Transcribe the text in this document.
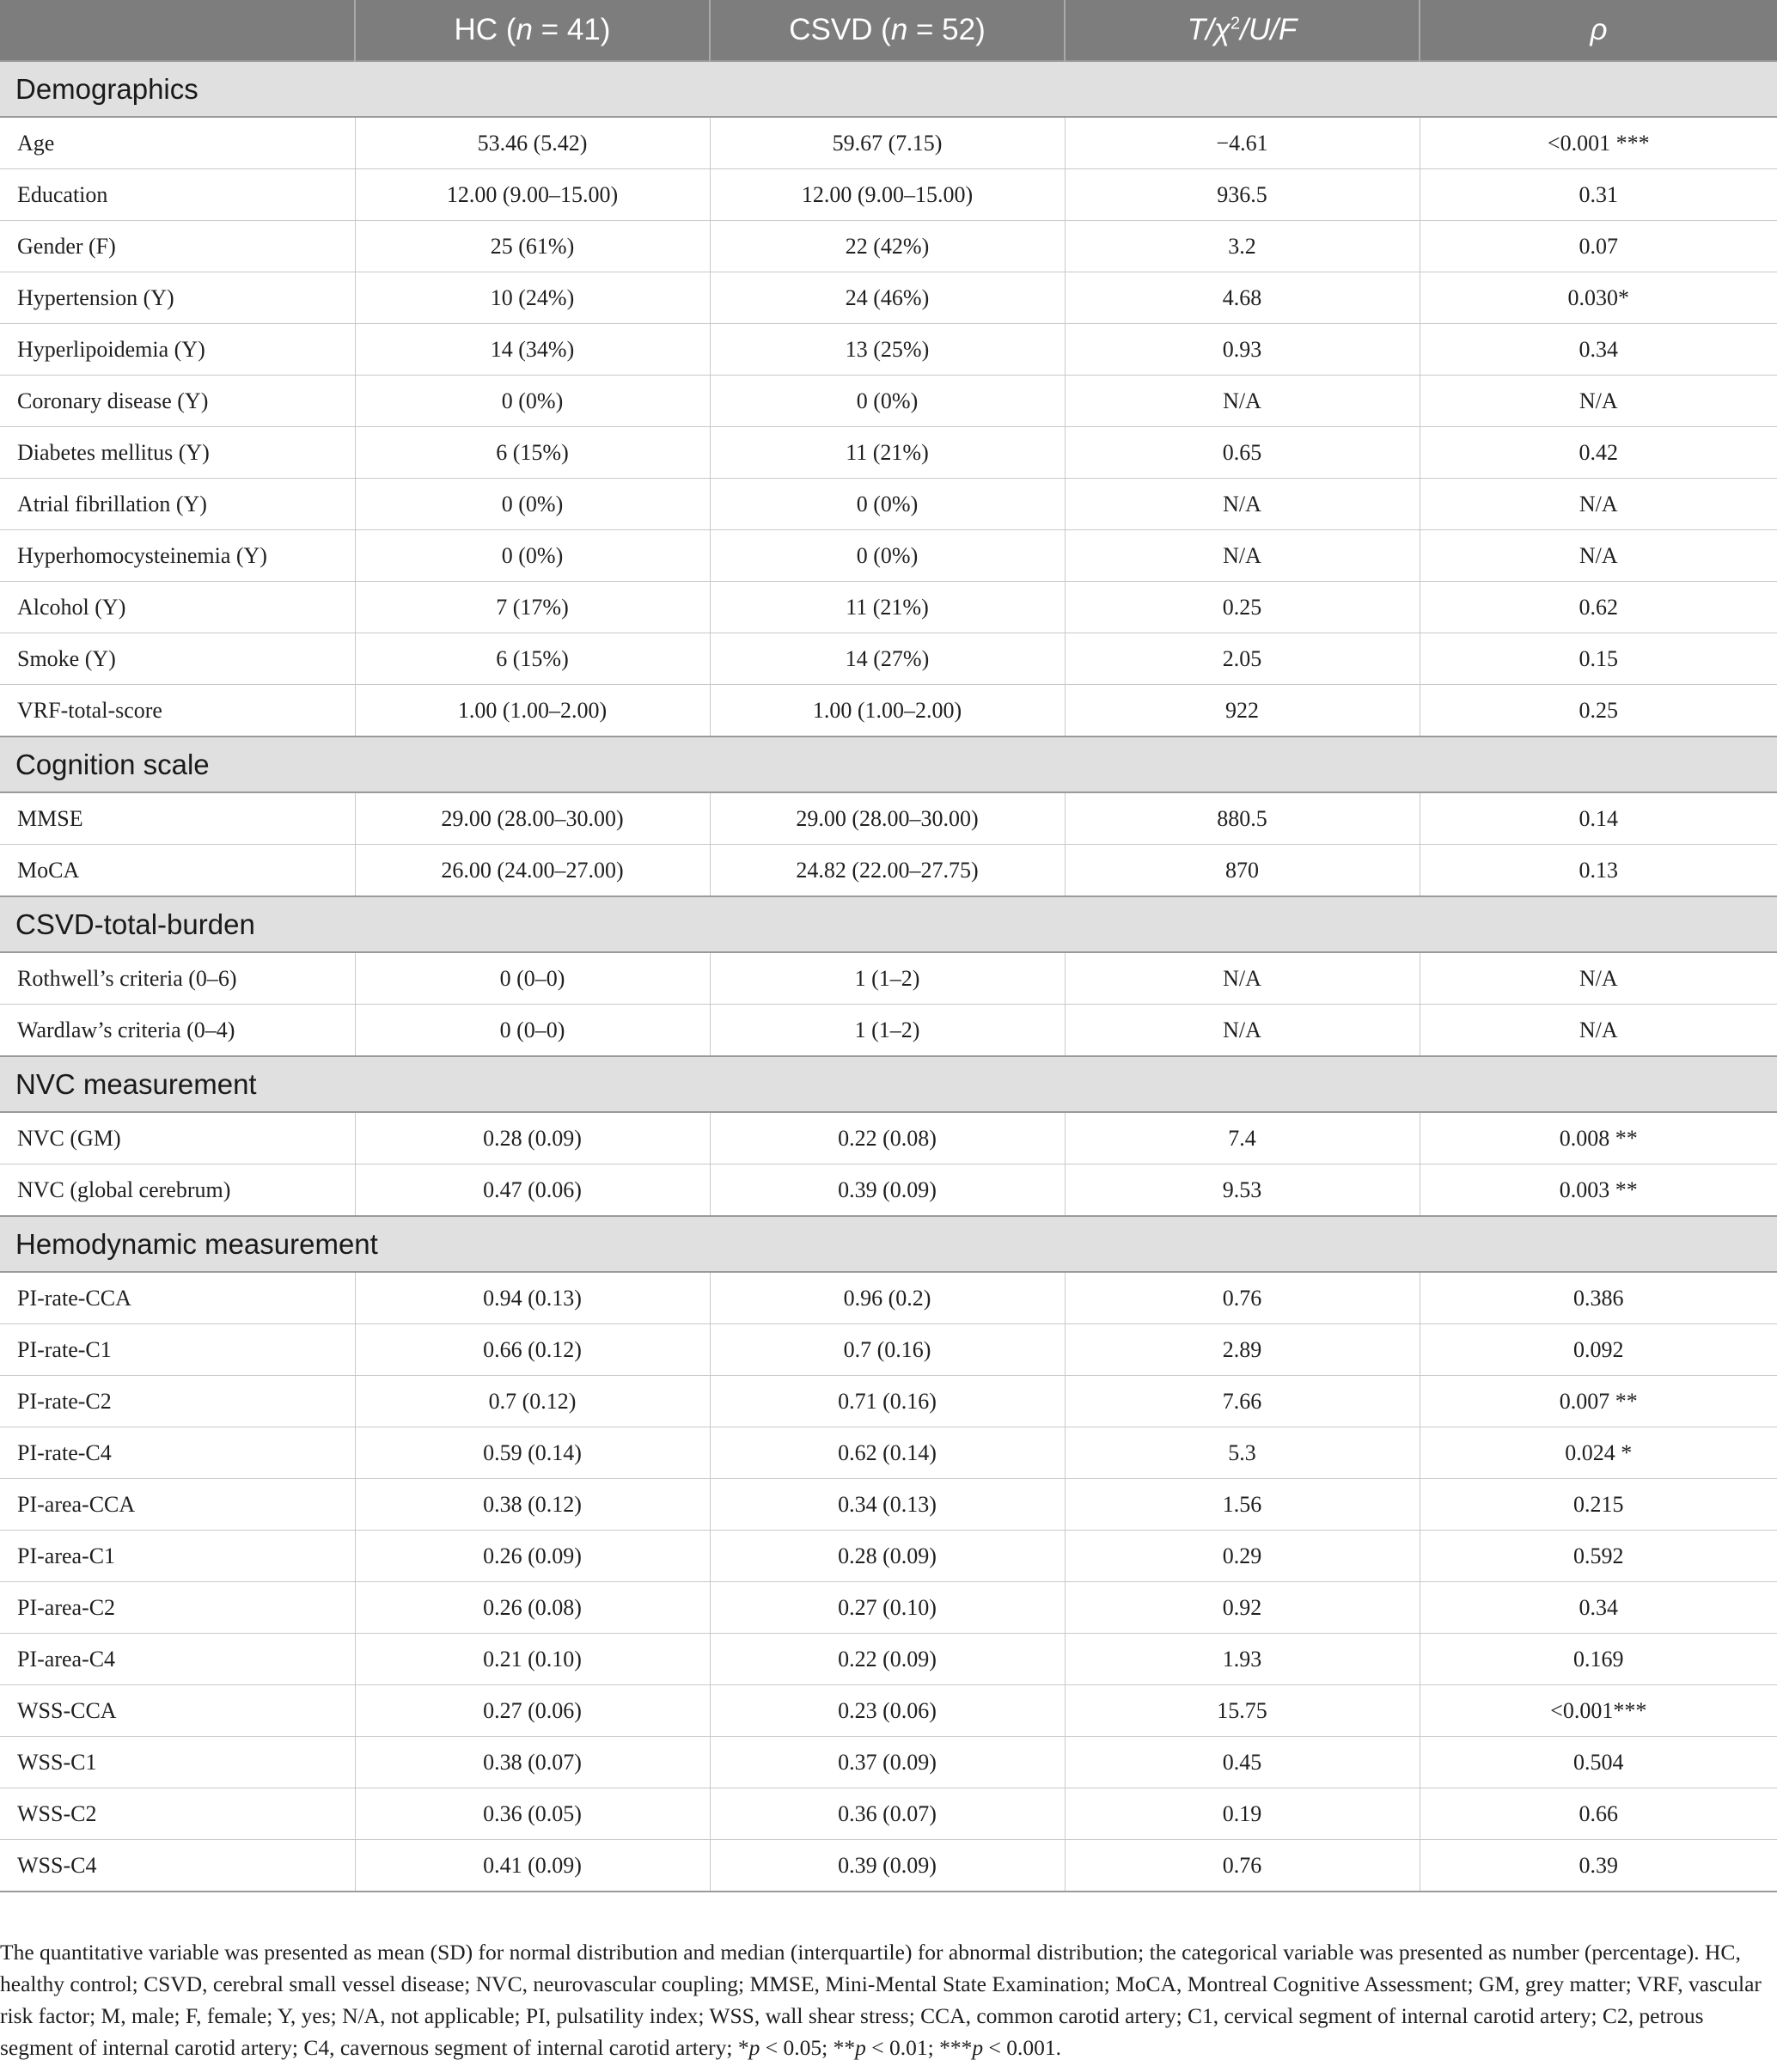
	HC (n = 41)	CSVD (n = 52)	$T/\chi^2/U/F$	ρ
Demographics				
Age	53.46 (5.42)	59.67 (7.15)	−4.61	<0.001 ***
Education	12.00 (9.00–15.00)	12.00 (9.00–15.00)	936.5	0.31
Gender (F)	25 (61%)	22 (42%)	3.2	0.07
Hypertension (Y)	10 (24%)	24 (46%)	4.68	0.030*
Hyperlipoidemia (Y)	14 (34%)	13 (25%)	0.93	0.34
Coronary disease (Y)	0 (0%)	0 (0%)	N/A	N/A
Diabetes mellitus (Y)	6 (15%)	11 (21%)	0.65	0.42
Atrial fibrillation (Y)	0 (0%)	0 (0%)	N/A	N/A
Hyperhomocysteinemia (Y)	0 (0%)	0 (0%)	N/A	N/A
Alcohol (Y)	7 (17%)	11 (21%)	0.25	0.62
Smoke (Y)	6 (15%)	14 (27%)	2.05	0.15
VRF-total-score	1.00 (1.00–2.00)	1.00 (1.00–2.00)	922	0.25
Cognition scale				
MMSE	29.00 (28.00–30.00)	29.00 (28.00–30.00)	880.5	0.14
MoCA	26.00 (24.00–27.00)	24.82 (22.00–27.75)	870	0.13
CSVD-total-burden				
Rothwell’s criteria (0–6)	0 (0–0)	1 (1–2)	N/A	N/A
Wardlaw’s criteria (0–4)	0 (0–0)	1 (1–2)	N/A	N/A
NVC measurement				
NVC (GM)	0.28 (0.09)	0.22 (0.08)	7.4	0.008 **
NVC (global cerebrum)	0.47 (0.06)	0.39 (0.09)	9.53	0.003 **
Hemodynamic measurement				
PI-rate-CCA	0.94 (0.13)	0.96 (0.2)	0.76	0.386
PI-rate-C1	0.66 (0.12)	0.7 (0.16)	2.89	0.092
PI-rate-C2	0.7 (0.12)	0.71 (0.16)	7.66	0.007 **
PI-rate-C4	0.59 (0.14)	0.62 (0.14)	5.3	0.024 *
PI-area-CCA	0.38 (0.12)	0.34 (0.13)	1.56	0.215
PI-area-C1	0.26 (0.09)	0.28 (0.09)	0.29	0.592
PI-area-C2	0.26 (0.08)	0.27 (0.10)	0.92	0.34
PI-area-C4	0.21 (0.10)	0.22 (0.09)	1.93	0.169
WSS-CCA	0.27 (0.06)	0.23 (0.06)	15.75	<0.001***
WSS-C1	0.38 (0.07)	0.37 (0.09)	0.45	0.504
WSS-C2	0.36 (0.05)	0.36 (0.07)	0.19	0.66
WSS-C4	0.41 (0.09)	0.39 (0.09)	0.76	0.39

The quantitative variable was presented as mean (SD) for normal distribution and median (interquartile) for abnormal distribution; the categorical variable was presented as number (percentage). HC, healthy control; CSVD, cerebral small vessel disease; NVC, neurovascular coupling; MMSE, Mini-Mental State Examination; MoCA, Montreal Cognitive Assessment; GM, grey matter; VRF, vascular risk factor; M, male; F, female; Y, yes; N/A, not applicable; PI, pulsatility index; WSS, wall shear stress; CCA, common carotid artery; C1, cervical segment of internal carotid artery; C2, petrous segment of internal carotid artery; C4, cavernous segment of internal carotid artery; *p < 0.05; **p < 0.01; ***p < 0.001.
